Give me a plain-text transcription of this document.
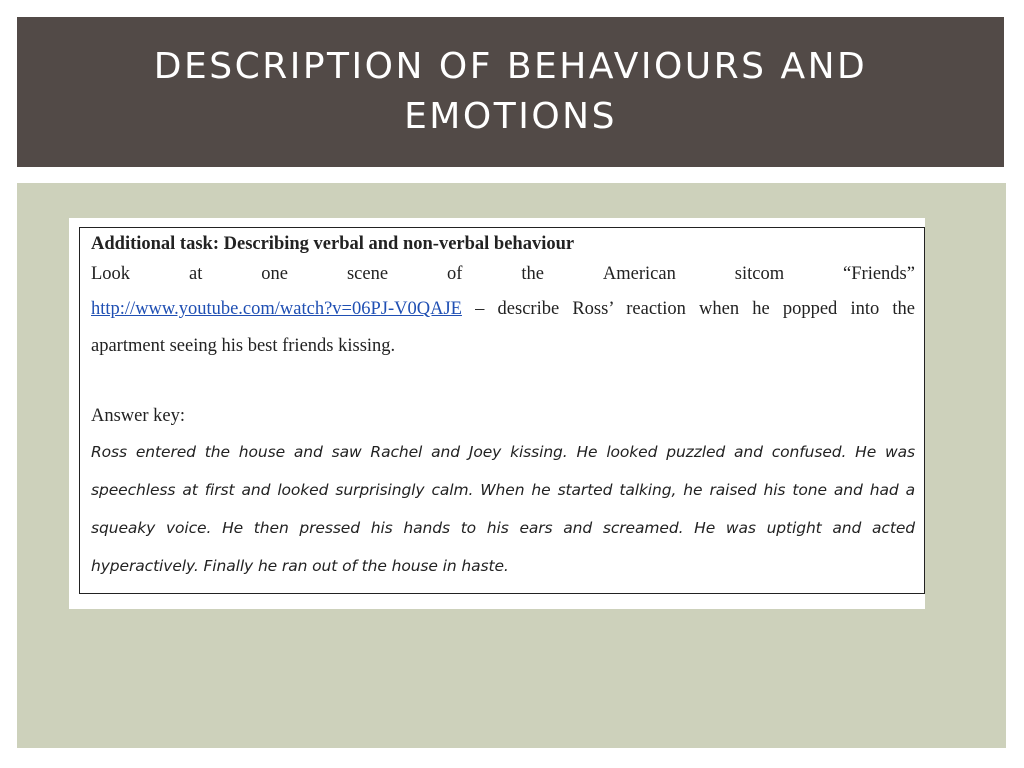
DESCRIPTION OF BEHAVIOURS AND EMOTIONS

Additional task: Describing verbal and non-verbal behaviour

Look	at	one	scene	of	the	American	sitcom	“Friends”
http://www.youtube.com/watch?v=06PJ-V0QAJE – describe Ross’ reaction when he popped into the apartment seeing his best friends kissing.

Answer key:

Ross entered the house and saw Rachel and Joey kissing. He looked puzzled and confused. He was speechless at first and looked surprisingly calm. When he started talking, he raised his tone and had a squeaky voice. He then pressed his hands to his ears and screamed. He was uptight and acted hyperactively. Finally he ran out of the house in haste.
